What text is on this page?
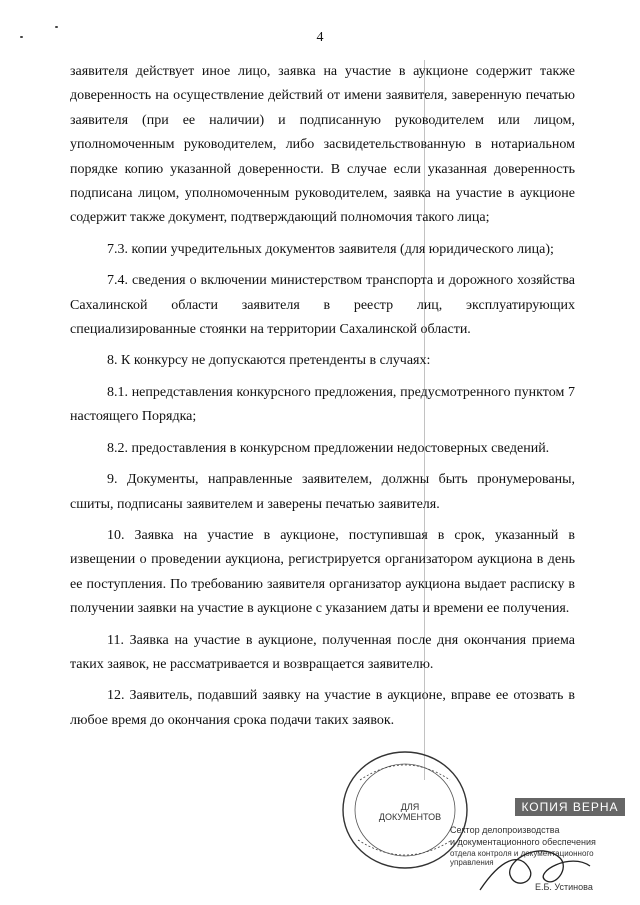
4

заявителя действует иное лицо, заявка на участие в аукционе содержит также доверенность на осуществление действий от имени заявителя, заверенную печатью заявителя (при ее наличии) и подписанную руководителем или лицом, уполномоченным руководителем, либо засвидетельствованную в нотариальном порядке копию указанной доверенности. В случае если указанная доверенность подписана лицом, уполномоченным руководителем, заявка на участие в аукционе содержит также документ, подтверждающий полномочия такого лица;

7.3. копии учредительных документов заявителя (для юридического лица);

7.4. сведения о включении министерством транспорта и дорожного хозяйства Сахалинской области заявителя в реестр лиц, эксплуатирующих специализированные стоянки на территории Сахалинской области.

8. К конкурсу не допускаются претенденты в случаях:

8.1. непредставления конкурсного предложения, предусмотренного пунктом 7 настоящего Порядка;

8.2. предоставления в конкурсном предложении недостоверных сведений.

9. Документы, направленные заявителем, должны быть пронумерованы, сшиты, подписаны заявителем и заверены печатью заявителя.

10. Заявка на участие в аукционе, поступившая в срок, указанный в извещении о проведении аукциона, регистрируется организатором аукциона в день ее поступления. По требованию заявителя организатор аукциона выдает расписку в получении заявки на участие в аукционе с указанием даты и времени ее получения.

11. Заявка на участие в аукционе, полученная после дня окончания приема таких заявок, не рассматривается и возвращается заявителю.

12. Заявитель, подавший заявку на участие в аукционе, вправе ее отозвать в любое время до окончания срока подачи таких заявок.

ДЛЯ ДОКУМЕНТОВ
КОПИЯ ВЕРНА
Сектор делопроизводства
и документационного обеспечения
отдела контроля и документационного управления
Е.Б. Устинова
